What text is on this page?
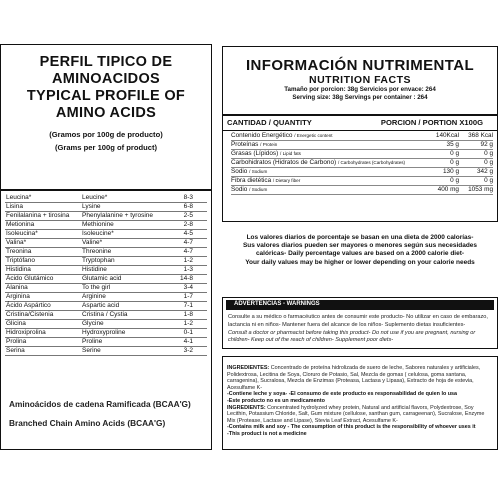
PERFIL TIPICO DE
AMINOACIDOS
TYPICAL PROFILE OF
AMINO ACIDS
(Gramos por 100g de producto)
(Grams per 100g of product)
Leucina*	Leucine*	8-3
Lisina	Lysine	6-8
Fenilalanina + tirosina	Phenylalanine + tyrosine	2-5
Metionina	Methionine	2-8
Isoleucina*	Isoleucine*	4-5
Valina*	Valine*	4-7
Treonina	Threonine	4-7
Triptófano	Tryptophan	1-2
Histidina	Histidine	1-3
Ácido Glutámico	Glutamic acid	14-8
Alanina	To the girl	3-4
Arginina	Arginine	1-7
Ácido Aspártico	Aspartic acid	7-1
Cristina/Cistenia	Cristina / Cystia	1-8
Glicina	Glycine	1-2
Hidroxiprolina	Hydroxyproline	0-1
Prolina	Proline	4-1
Serina	Serine	3-2
Aminoácidos de cadena Ramificada (BCAA'G)
Branched Chain Amino Acids (BCAA'G)
INFORMACIÓN NUTRIMENTAL
NUTRITION FACTS
Tamaño por porcion: 38g Servicios por envace: 264
Serving size: 38g Servings per container : 264
CANTIDAD / QUANTITY	PORCION / PORTION X100G
Contenido Energético / Energetic content	140Kcal	368 Kcal
Proteínas / Protein	35 g	92 g
Grasas (Lípidos) / Lipid fats	0 g	0 g
Carbohidratos (Hidratos de Carbono) / Carbohydrates (Carbohydrates)	0 g	0 g
Sodio / Sodium	130 g	342 g
Fibra dietética / Dietary fiber	0 g	0 g
Sodio / Sodium	400 mg	1053 mg
Los valores diarios de porcentaje se basan en una dieta de 2000 calorías-
Sus valores diarios pueden ser mayores o menores según sus necesidades
calóricas- Daily percentage values are based on a 2000 calorie diet-
Your daily values may be higher or lower depending on your calorie needs
ADVERTENCIAS - WARNINGS
Consulte a su médico o farmacéutico antes de consumir este producto- No utilizar en caso de embarazo, lactancia ni en niños- Mantener fuera del alcance de los niños- Suplemento dietas insuficientes-
Consult a doctor or pharmacist before taking this product- Do not use if you are pregnant, nursing or children- Keep out of the reach of children- Supplement poor diets-

INGREDIENTES: Concentrado de proteína hidrolizada de suero de leche, Sabores naturales y artificiales, Polidextrosa, Lecitina de Soya, Cloruro de Potasio, Sal, Mezcla de gomas ( celulosa, goma xantana, carragenina), Sucralosa, Mezcla de Enzimas (Proteasa, Lactasa y Lipasa), Extracto de hoja de estevia, Acesulfame K-

-Contiene leche y soya- -El consumo de este producto es responsabilidad de quien lo usa

-Este producto no es un medicamento

INGREDIENTS: Concentrated hydrolyzed whey protein, Natural and artificial flavors, Polydextrose, Soy Lecithin, Potassium Chloride, Salt, Gum mixture (cellulose, xanthan gum, carrageenan), Sucralose, Enzyme Mix (Protease, Lactase and Lipase), Stevia Leaf Extract, Acesulfame K-

-Contains milk and soy - The consumption of this product is the responsibility of whoever uses it

-This product is not a medicine
